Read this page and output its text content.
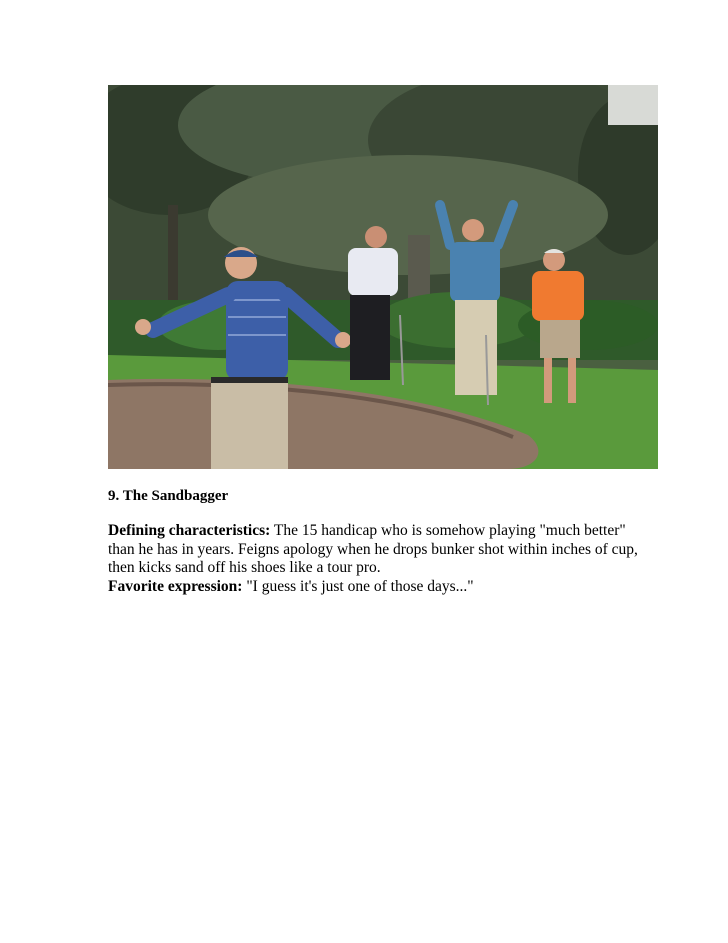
9. The Sandbagger

Defining characteristics: The 15 handicap who is somehow playing "much better" than he has in years. Feigns apology when he drops bunker shot within inches of cup, then kicks sand off his shoes like a tour pro.

Favorite expression: "I guess it's just one of those days..."
